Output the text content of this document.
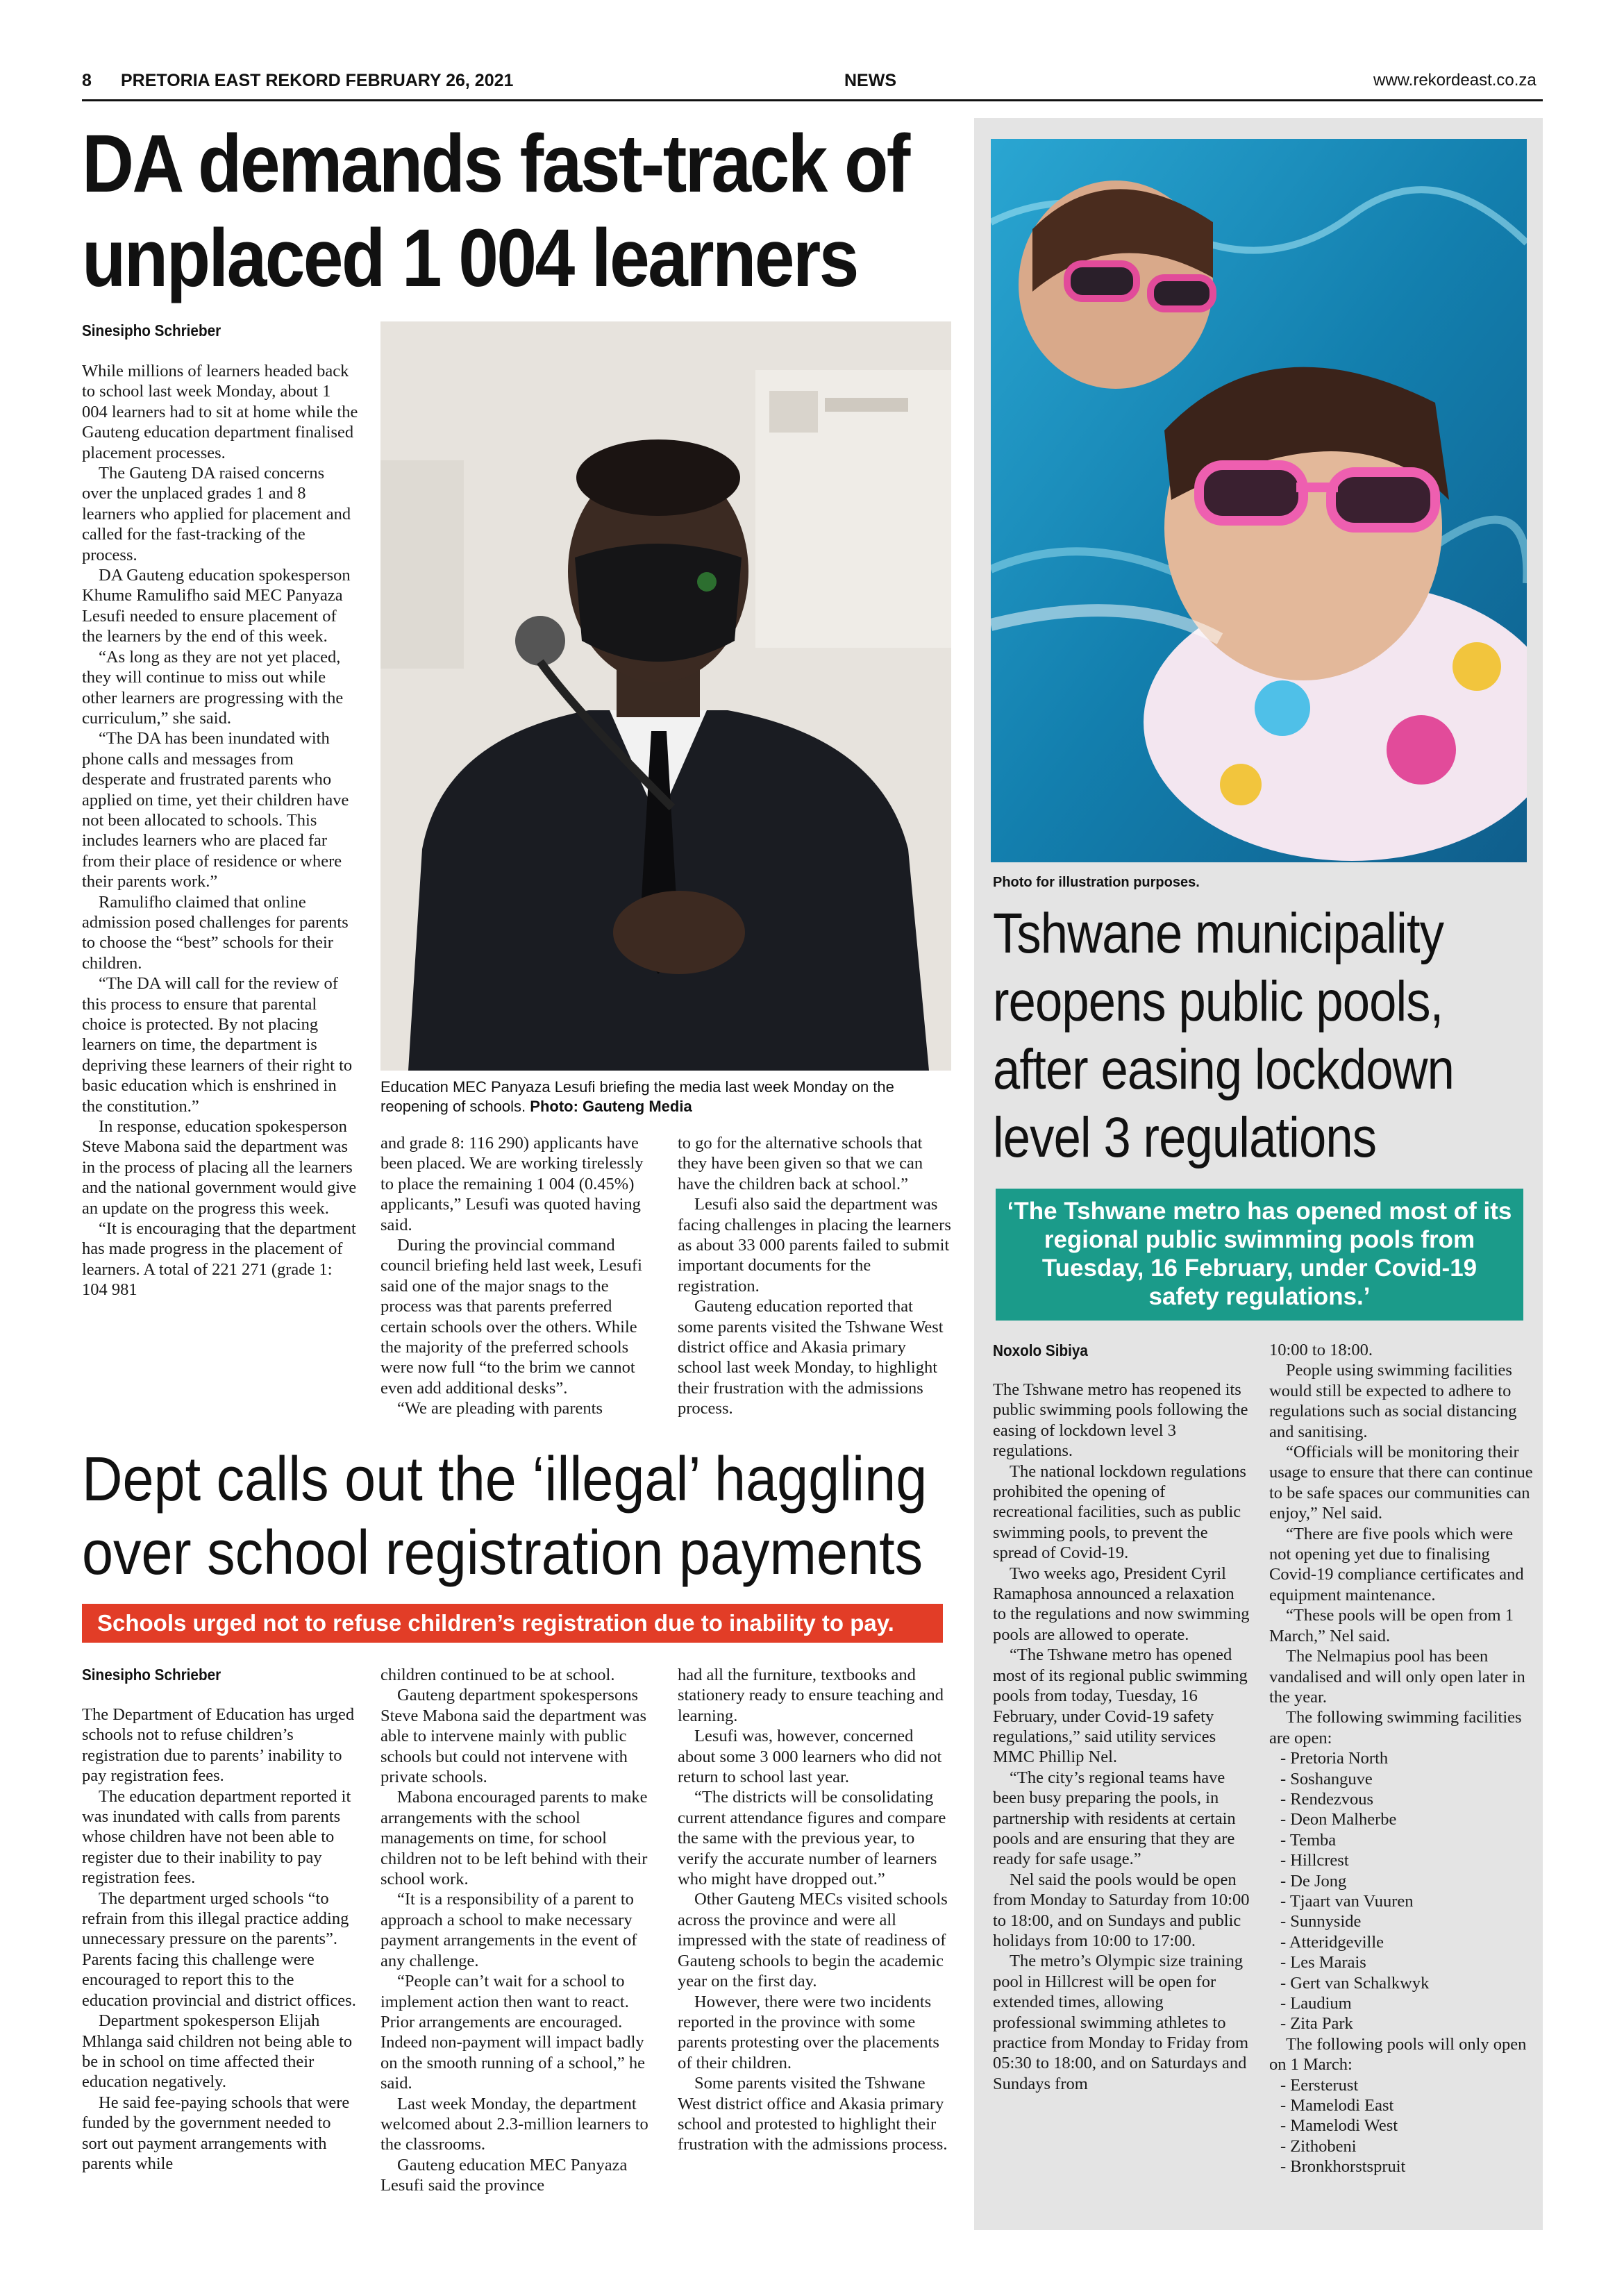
8 PRETORIA EAST REKORD FEBRUARY 26, 2021	NEWS	www.rekordeast.co.za
DA demands fast-track of
unplaced 1 004 learners
Sinesipho Schrieber

While millions of learners headed back to school last week Monday, about 1 004 learners had to sit at home while the Gauteng education department finalised placement processes.

The Gauteng DA raised concerns over the unplaced grades 1 and 8 learners who applied for placement and called for the fast-tracking of the process.

DA Gauteng education spokesperson Khume Ramulifho said MEC Panyaza Lesufi needed to ensure placement of the learners by the end of this week.

“As long as they are not yet placed, they will continue to miss out while other learners are progressing with the curriculum,” she said.

“The DA has been inundated with phone calls and messages from desperate and frustrated parents who applied on time, yet their children have not been allocated to schools. This includes learners who are placed far from their place of residence or where their parents work.”

Ramulifho claimed that online admission posed challenges for parents to choose the “best” schools for their children.

“The DA will call for the review of this process to ensure that parental choice is protected. By not placing learners on time, the department is depriving these learners of their right to basic education which is enshrined in the constitution.”

In response, education spokesperson Steve Mabona said the department was in the process of placing all the learners and the national government would give an update on the progress this week.

“It is encouraging that the department has made progress in the placement of learners. A total of 221 271 (grade 1: 104 981

Education MEC Panyaza Lesufi briefing the media last week Monday on the reopening of schools. Photo: Gauteng Media

and grade 8: 116 290) applicants have been placed. We are working tirelessly to place the remaining 1 004 (0.45%) applicants,” Lesufi was quoted having said.

During the provincial command council briefing held last week, Lesufi said one of the major snags to the process was that parents preferred certain schools over the others. While the majority of the preferred schools were now full “to the brim we cannot even add additional desks”.

“We are pleading with parents

to go for the alternative schools that they have been given so that we can have the children back at school.”

Lesufi also said the department was facing challenges in placing the learners as about 33 000 parents failed to submit important documents for the registration.

Gauteng education reported that some parents visited the Tshwane West district office and Akasia primary school last week Monday, to highlight their frustration with the admissions process.

Dept calls out the ‘illegal’ haggling
over school registration payments
Schools urged not to refuse children’s registration due to inability to pay.
Sinesipho Schrieber

The Department of Education has urged schools not to refuse children’s registration due to parents’ inability to pay registration fees.

The education department reported it was inundated with calls from parents whose children have not been able to register due to their inability to pay registration fees.

The department urged schools “to refrain from this illegal practice adding unnecessary pressure on the parents”. Parents facing this challenge were encouraged to report this to the education provincial and district offices.

Department spokesperson Elijah Mhlanga said children not being able to be in school on time affected their education negatively.

He said fee-paying schools that were funded by the government needed to sort out payment arrangements with parents while

children continued to be at school.

Gauteng department spokespersons Steve Mabona said the department was able to intervene mainly with public schools but could not intervene with private schools.

Mabona encouraged parents to make arrangements with the school managements on time, for school children not to be left behind with their school work.

“It is a responsibility of a parent to approach a school to make necessary payment arrangements in the event of any challenge.

“People can’t wait for a school to implement action then want to react. Prior arrangements are encouraged. Indeed non-payment will impact badly on the smooth running of a school,” he said.

Last week Monday, the department welcomed about 2.3-million learners to the classrooms.

Gauteng education MEC Panyaza Lesufi said the province

had all the furniture, textbooks and stationery ready to ensure teaching and learning.

Lesufi was, however, concerned about some 3 000 learners who did not return to school last year.

“The districts will be consolidating current attendance figures and compare the same with the previous year, to verify the accurate number of learners who might have dropped out.”

Other Gauteng MECs visited schools across the province and were all impressed with the state of readiness of Gauteng schools to begin the academic year on the first day.

However, there were two incidents reported in the province with some parents protesting over the placements of their children.

Some parents visited the Tshwane West district office and Akasia primary school and protested to highlight their frustration with the admissions process.

Photo for illustration purposes.
Tshwane municipality
reopens public pools,
after easing lockdown
level 3 regulations
‘The Tshwane metro has opened most of its regional public swimming pools from Tuesday, 16 February, under Covid-19 safety regulations.’
Noxolo Sibiya

The Tshwane metro has reopened its public swimming pools following the easing of lockdown level 3 regulations.

The national lockdown regulations prohibited the opening of recreational facilities, such as public swimming pools, to prevent the spread of Covid-19.

Two weeks ago, President Cyril Ramaphosa announced a relaxation to the regulations and now swimming pools are allowed to operate.

“The Tshwane metro has opened most of its regional public swimming pools from today, Tuesday, 16 February, under Covid-19 safety regulations,” said utility services MMC Phillip Nel.

“The city’s regional teams have been busy preparing the pools, in partnership with residents at certain pools and are ensuring that they are ready for safe usage.”

Nel said the pools would be open from Monday to Saturday from 10:00 to 18:00, and on Sundays and public holidays from 10:00 to 17:00.

The metro’s Olympic size training pool in Hillcrest will be open for extended times, allowing professional swimming athletes to practice from Monday to Friday from 05:30 to 18:00, and on Saturdays and Sundays from

10:00 to 18:00.

People using swimming facilities would still be expected to adhere to regulations such as social distancing and sanitising.

“Officials will be monitoring their usage to ensure that there can continue to be safe spaces our communities can enjoy,” Nel said.

“There are five pools which were not opening yet due to finalising Covid-19 compliance certificates and equipment maintenance.

“These pools will be open from 1 March,” Nel said.

The Nelmapius pool has been vandalised and will only open later in the year.

The following swimming facilities are open:

- Pretoria North

- Soshanguve

- Rendezvous

- Deon Malherbe

- Temba

- Hillcrest

- De Jong

- Tjaart van Vuuren

- Sunnyside

- Atteridgeville

- Les Marais

- Gert van Schalkwyk

- Laudium

- Zita Park

The following pools will only open on 1 March:

- Eersterust

- Mamelodi East

- Mamelodi West

- Zithobeni

- Bronkhorstspruit
